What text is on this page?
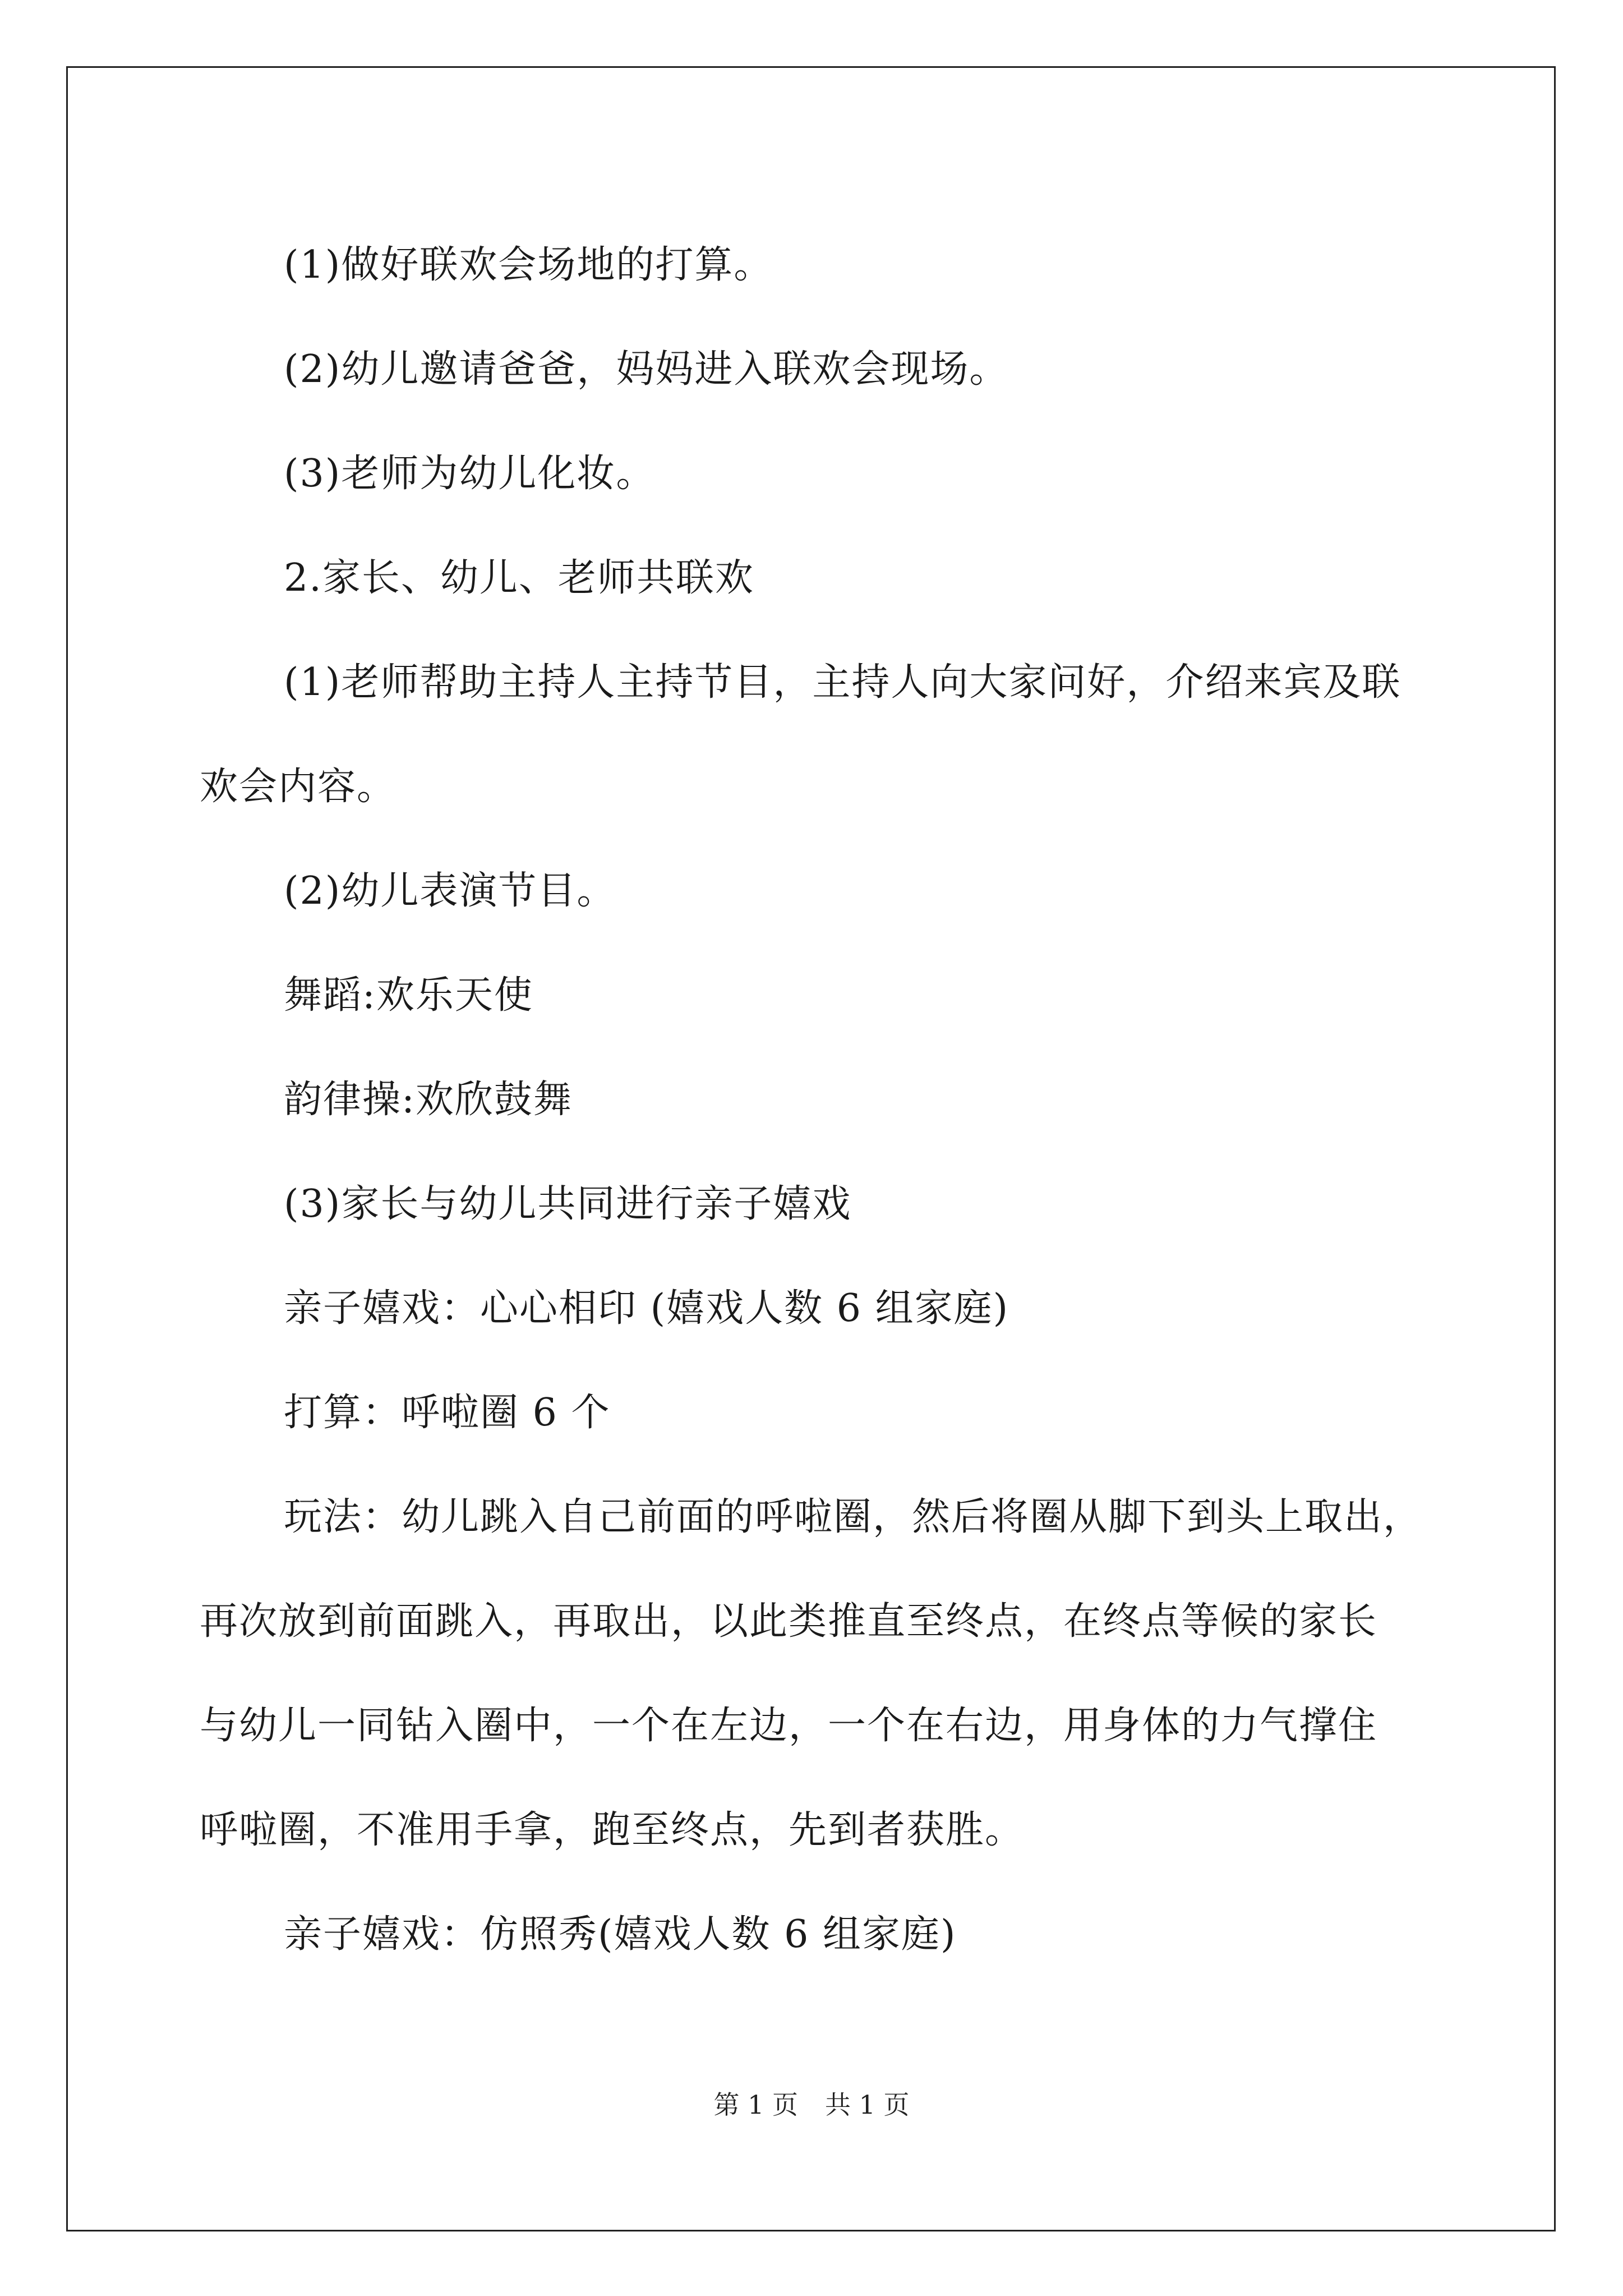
(1)做好联欢会场地的打算。

(2)幼儿邀请爸爸，妈妈进入联欢会现场。

(3)老师为幼儿化妆。

2.家长、幼儿、老师共联欢

(1)老师帮助主持人主持节目，主持人向大家问好，介绍来宾及联

欢会内容。

(2)幼儿表演节目。

舞蹈:欢乐天使

韵律操:欢欣鼓舞

(3)家长与幼儿共同进行亲子嬉戏

亲子嬉戏：心心相印 (嬉戏人数 6 组家庭)

打算：呼啦圈 6 个

玩法：幼儿跳入自己前面的呼啦圈，然后将圈从脚下到头上取出，

再次放到前面跳入，再取出，以此类推直至终点，在终点等候的家长

与幼儿一同钻入圈中，一个在左边，一个在右边，用身体的力气撑住

呼啦圈，不准用手拿，跑至终点，先到者获胜。

亲子嬉戏：仿照秀(嬉戏人数 6 组家庭)

第 1 页 共 1 页
